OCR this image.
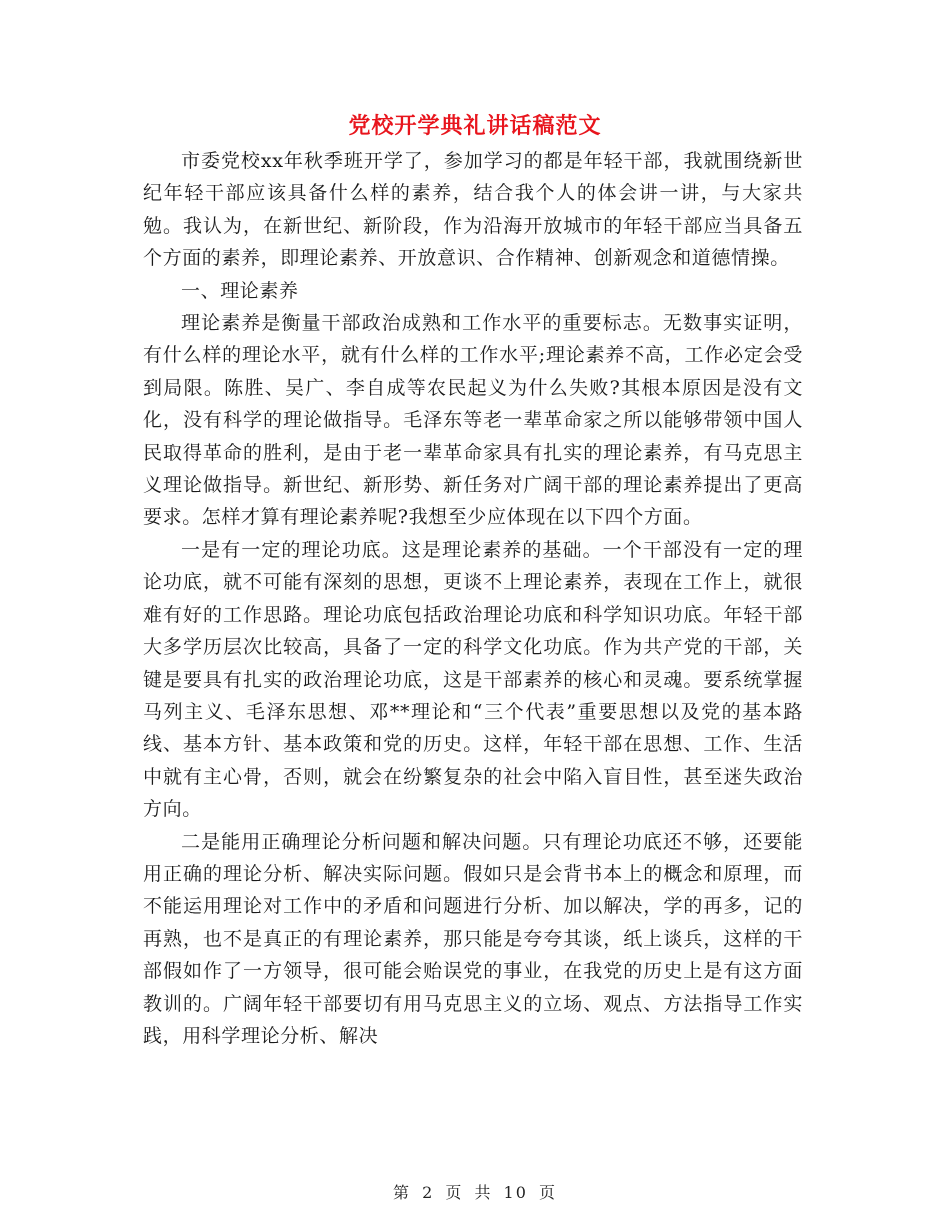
党校开学典礼讲话稿范文

市委党校xx年秋季班开学了，参加学习的都是年轻干部，我就围绕新世纪年轻干部应该具备什么样的素养，结合我个人的体会讲一讲，与大家共勉。我认为，在新世纪、新阶段，作为沿海开放城市的年轻干部应当具备五个方面的素养，即理论素养、开放意识、合作精神、创新观念和道德情操。

一、理论素养

理论素养是衡量干部政治成熟和工作水平的重要标志。无数事实证明，有什么样的理论水平，就有什么样的工作水平;理论素养不高，工作必定会受到局限。陈胜、吴广、李自成等农民起义为什么失败?其根本原因是没有文化，没有科学的理论做指导。毛泽东等老一辈革命家之所以能够带领中国人民取得革命的胜利，是由于老一辈革命家具有扎实的理论素养，有马克思主义理论做指导。新世纪、新形势、新任务对广阔干部的理论素养提出了更高要求。怎样才算有理论素养呢?我想至少应体现在以下四个方面。

一是有一定的理论功底。这是理论素养的基础。一个干部没有一定的理论功底，就不可能有深刻的思想，更谈不上理论素养，表现在工作上，就很难有好的工作思路。理论功底包括政治理论功底和科学知识功底。年轻干部大多学历层次比较高，具备了一定的科学文化功底。作为共产党的干部，关键是要具有扎实的政治理论功底，这是干部素养的核心和灵魂。要系统掌握马列主义、毛泽东思想、邓**理论和“三个代表”重要思想以及党的基本路线、基本方针、基本政策和党的历史。这样，年轻干部在思想、工作、生活中就有主心骨，否则，就会在纷繁复杂的社会中陷入盲目性，甚至迷失政治方向。

二是能用正确理论分析问题和解决问题。只有理论功底还不够，还要能用正确的理论分析、解决实际问题。假如只是会背书本上的概念和原理，而不能运用理论对工作中的矛盾和问题进行分析、加以解决，学的再多，记的再熟，也不是真正的有理论素养，那只能是夸夸其谈，纸上谈兵，这样的干部假如作了一方领导，很可能会贻误党的事业，在我党的历史上是有这方面教训的。广阔年轻干部要切有用马克思主义的立场、观点、方法指导工作实践，用科学理论分析、解决

第 2 页 共 10 页
